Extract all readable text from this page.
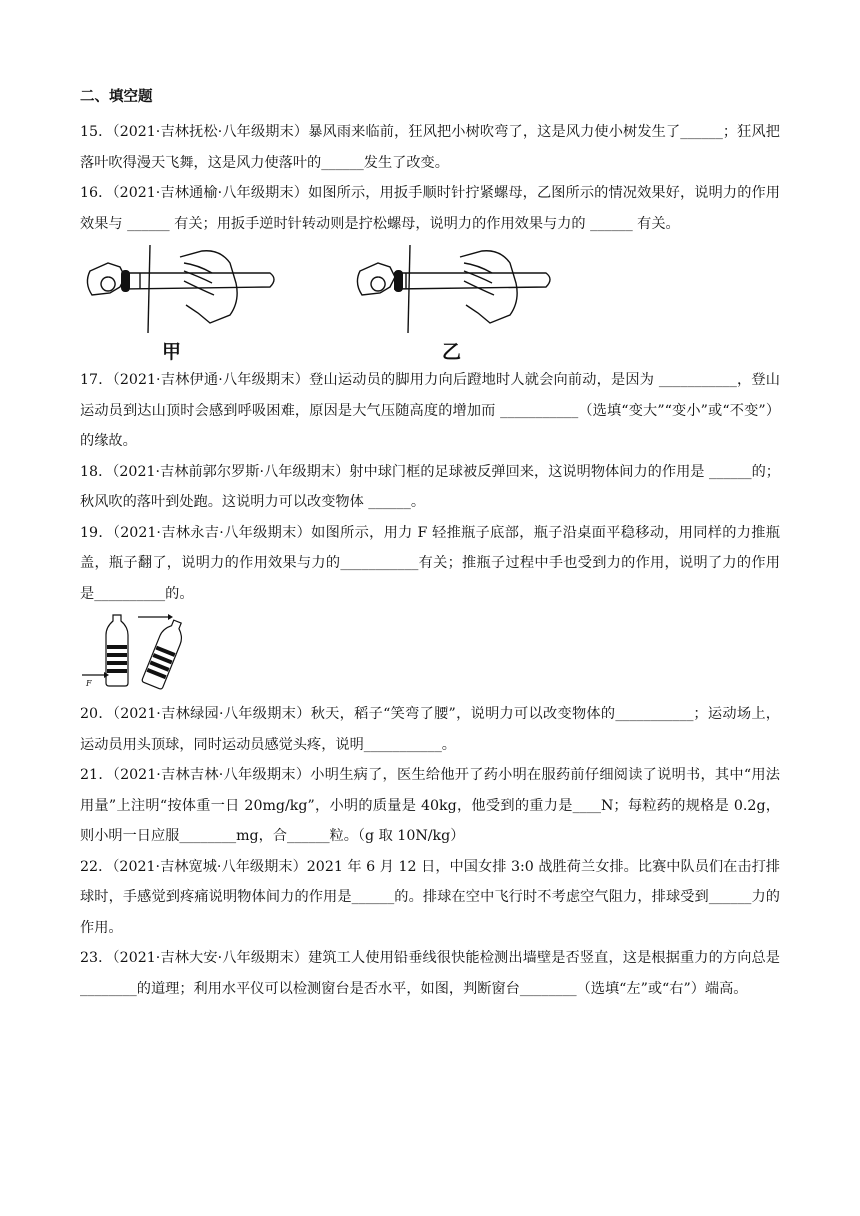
二、填空题

15．（2021·吉林抚松·八年级期末）暴风雨来临前，狂风把小树吹弯了，这是风力使小树发生了______；狂风把落叶吹得漫天飞舞，这是风力使落叶的______发生了改变。

16．（2021·吉林通榆·八年级期末）如图所示，用扳手顺时针拧紧螺母，乙图所示的情况效果好，说明力的作用效果与 ______ 有关；用扳手逆时针转动则是拧松螺母，说明力的作用效果与力的 ______ 有关。

甲	乙

17．（2021·吉林伊通·八年级期末）登山运动员的脚用力向后蹬地时人就会向前动，是因为 ___________，登山运动员到达山顶时会感到呼吸困难，原因是大气压随高度的增加而 ___________（选填“变大”“变小”或“不变”）的缘故。

18．（2021·吉林前郭尔罗斯·八年级期末）射中球门框的足球被反弹回来，这说明物体间力的作用是 ______的；秋风吹的落叶到处跑。这说明力可以改变物体 ______。

19．（2021·吉林永吉·八年级期末）如图所示，用力 F 轻推瓶子底部，瓶子沿桌面平稳移动，用同样的力推瓶盖，瓶子翻了，说明力的作用效果与力的___________有关；推瓶子过程中手也受到力的作用，说明了力的作用是__________的。

F

20．（2021·吉林绿园·八年级期末）秋天，稻子“笑弯了腰”，说明力可以改变物体的___________；运动场上，运动员用头顶球，同时运动员感觉头疼，说明___________。

21．（2021·吉林吉林·八年级期末）小明生病了，医生给他开了药小明在服药前仔细阅读了说明书，其中“用法用量”上注明“按体重一日 20mg/kg”，小明的质量是 40kg，他受到的重力是____N；每粒药的规格是 0.2g，则小明一日应服________mg，合______粒。（g 取 10N/kg）

22．（2021·吉林宽城·八年级期末）2021 年 6 月 12 日，中国女排 3:0 战胜荷兰女排。比赛中队员们在击打排球时，手感觉到疼痛说明物体间力的作用是______的。排球在空中飞行时不考虑空气阻力，排球受到______力的作用。

23．（2021·吉林大安·八年级期末）建筑工人使用铅垂线很快能检测出墙壁是否竖直，这是根据重力的方向总是________的道理；利用水平仪可以检测窗台是否水平，如图，判断窗台________（选填“左”或“右”）端高。
